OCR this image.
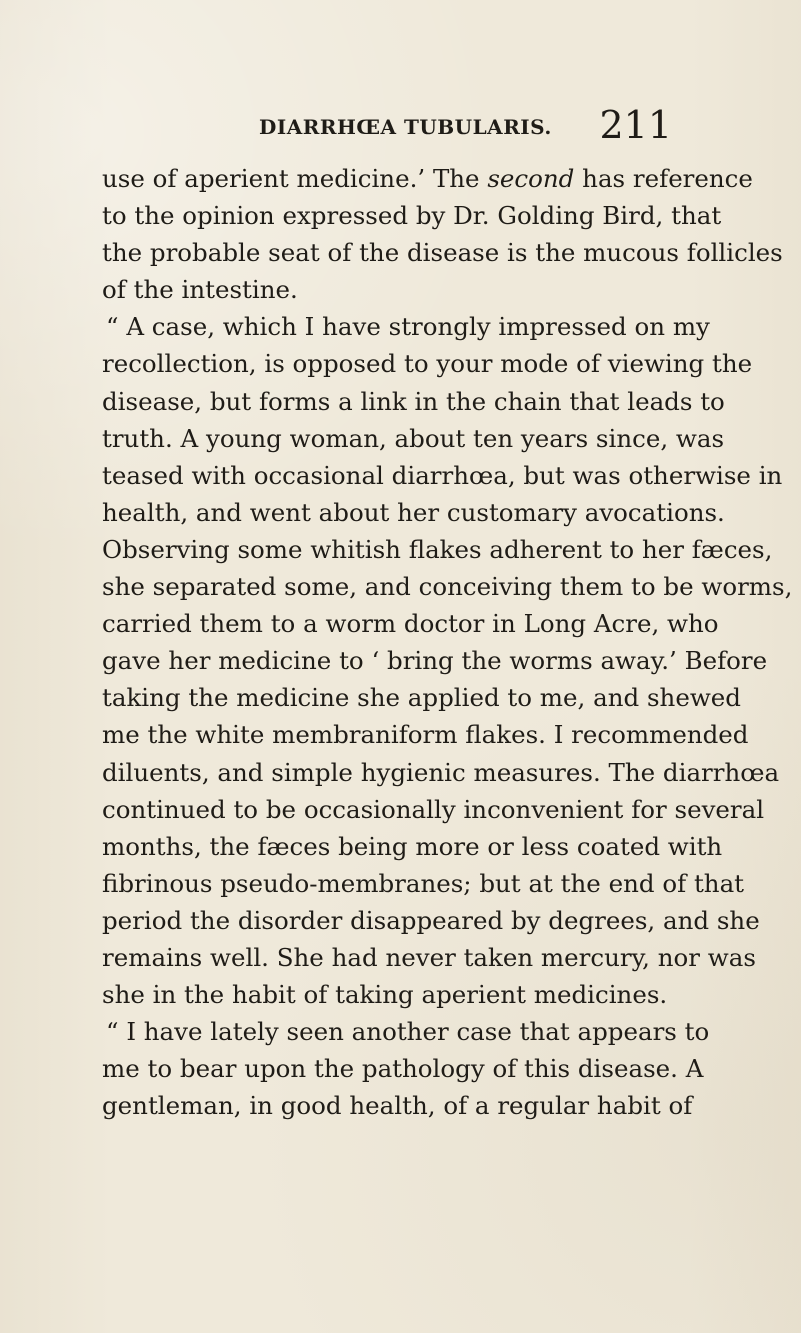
DIARRHŒA TUBULARIS. 211
use of aperient medicine.’ The second has reference
to the opinion expressed by Dr. Golding Bird, that
the probable seat of the disease is the mucous follicles
of the intestine.
“ A case, which I have strongly impressed on my
recollection, is opposed to your mode of viewing the
disease, but forms a link in the chain that leads to
truth. A young woman, about ten years since, was
teased with occasional diarrhœa, but was otherwise in
health, and went about her customary avocations.
Observing some whitish flakes adherent to her fæces,
she separated some, and conceiving them to be worms,
carried them to a worm doctor in Long Acre, who
gave her medicine to ‘ bring the worms away.’ Before
taking the medicine she applied to me, and shewed
me the white membraniform flakes. I recommended
diluents, and simple hygienic measures. The diarrhœa
continued to be occasionally inconvenient for several
months, the fæces being more or less coated with
fibrinous pseudo-membranes; but at the end of that
period the disorder disappeared by degrees, and she
remains well. She had never taken mercury, nor was
she in the habit of taking aperient medicines.
“ I have lately seen another case that appears to
me to bear upon the pathology of this disease. A
gentleman, in good health, of a regular habit of
